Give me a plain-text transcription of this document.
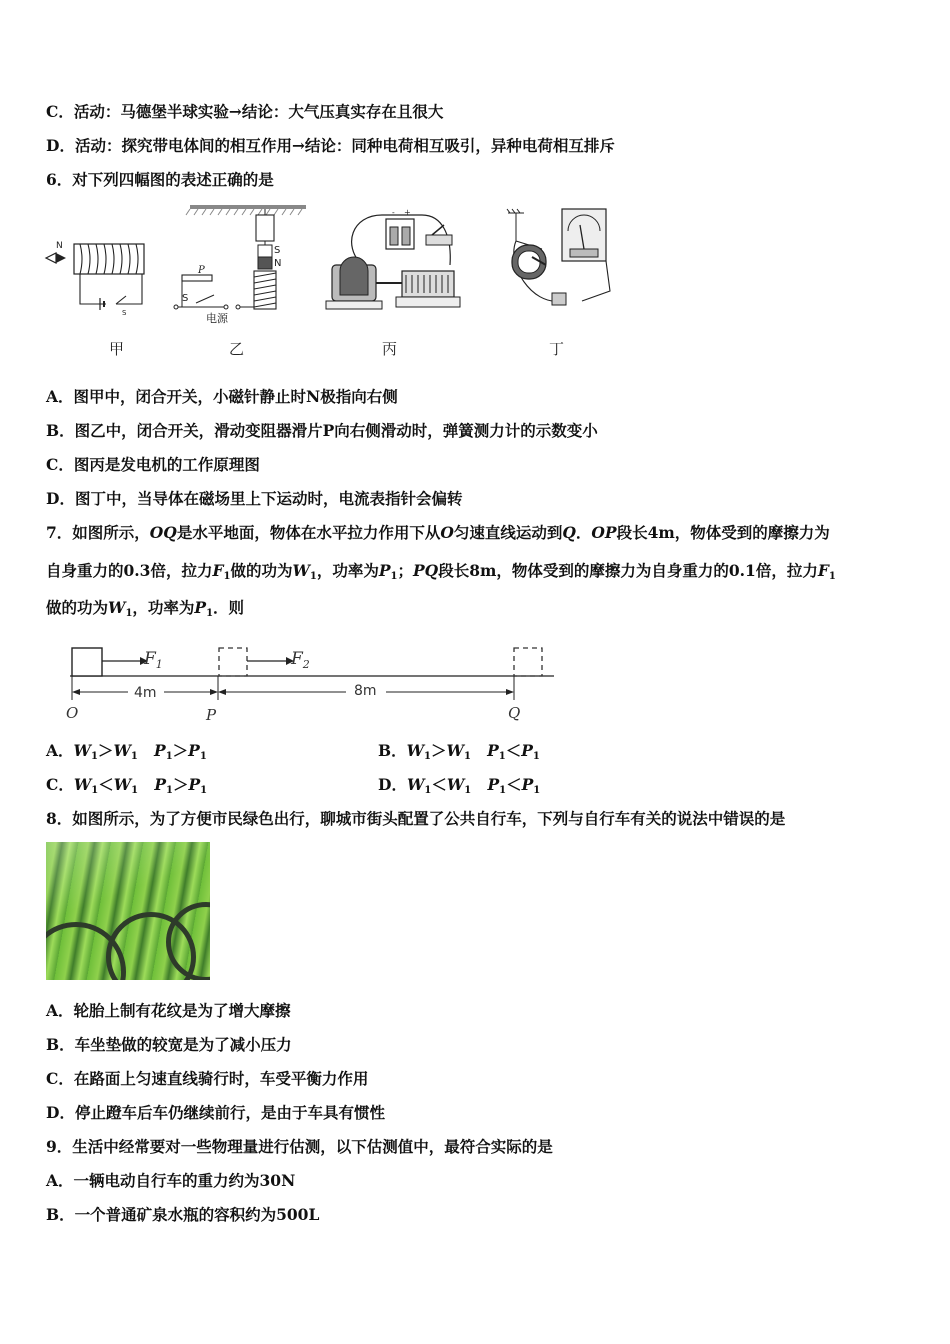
C．活动：马德堡半球实验→结论：大气压真实存在且很大
D．活动：探究带电体间的相互作用→结论：同种电荷相互吸引，异种电荷相互排斥
6．对下列四幅图的表述正确的是
N
S
S
N
P
S
电源
- +
甲	乙	丙	丁
A．图甲中，闭合开关，小磁针静止时N极指向右侧
B．图乙中，闭合开关，滑动变阻器滑片P向右侧滑动时，弹簧测力计的示数变小
C．图丙是发电机的工作原理图
D．图丁中，当导体在磁场里上下运动时，电流表指针会偏转
7．如图所示，OQ是水平地面，物体在水平拉力作用下从O匀速直线运动到Q．OP段长4m，物体受到的摩擦力为
自身重力的0.3倍，拉力$F_1$做的功为$W_1$，功率为$P_1$；PQ段长8m，物体受到的摩擦力为自身重力的0.1倍，拉力$F_1$
做的功为$W_1$，功率为$P_1$．则
$F_1$	$F_2$
4m	8m
O	P	Q
A．$W_1>W_1$ $P_1>P_1$	B．$W_1>W_1$ $P_1<P_1$
C．$W_1<W_1$ $P_1>P_1$	D．$W_1<W_1$ $P_1<P_1$
8．如图所示，为了方便市民绿色出行，聊城市街头配置了公共自行车，下列与自行车有关的说法中错误的是
A．轮胎上制有花纹是为了增大摩擦
B．车坐垫做的较宽是为了减小压力
C．在路面上匀速直线骑行时，车受平衡力作用
D．停止蹬车后车仍继续前行，是由于车具有惯性
9．生活中经常要对一些物理量进行估测，以下估测值中，最符合实际的是
A．一辆电动自行车的重力约为30N
B．一个普通矿泉水瓶的容积约为500L
